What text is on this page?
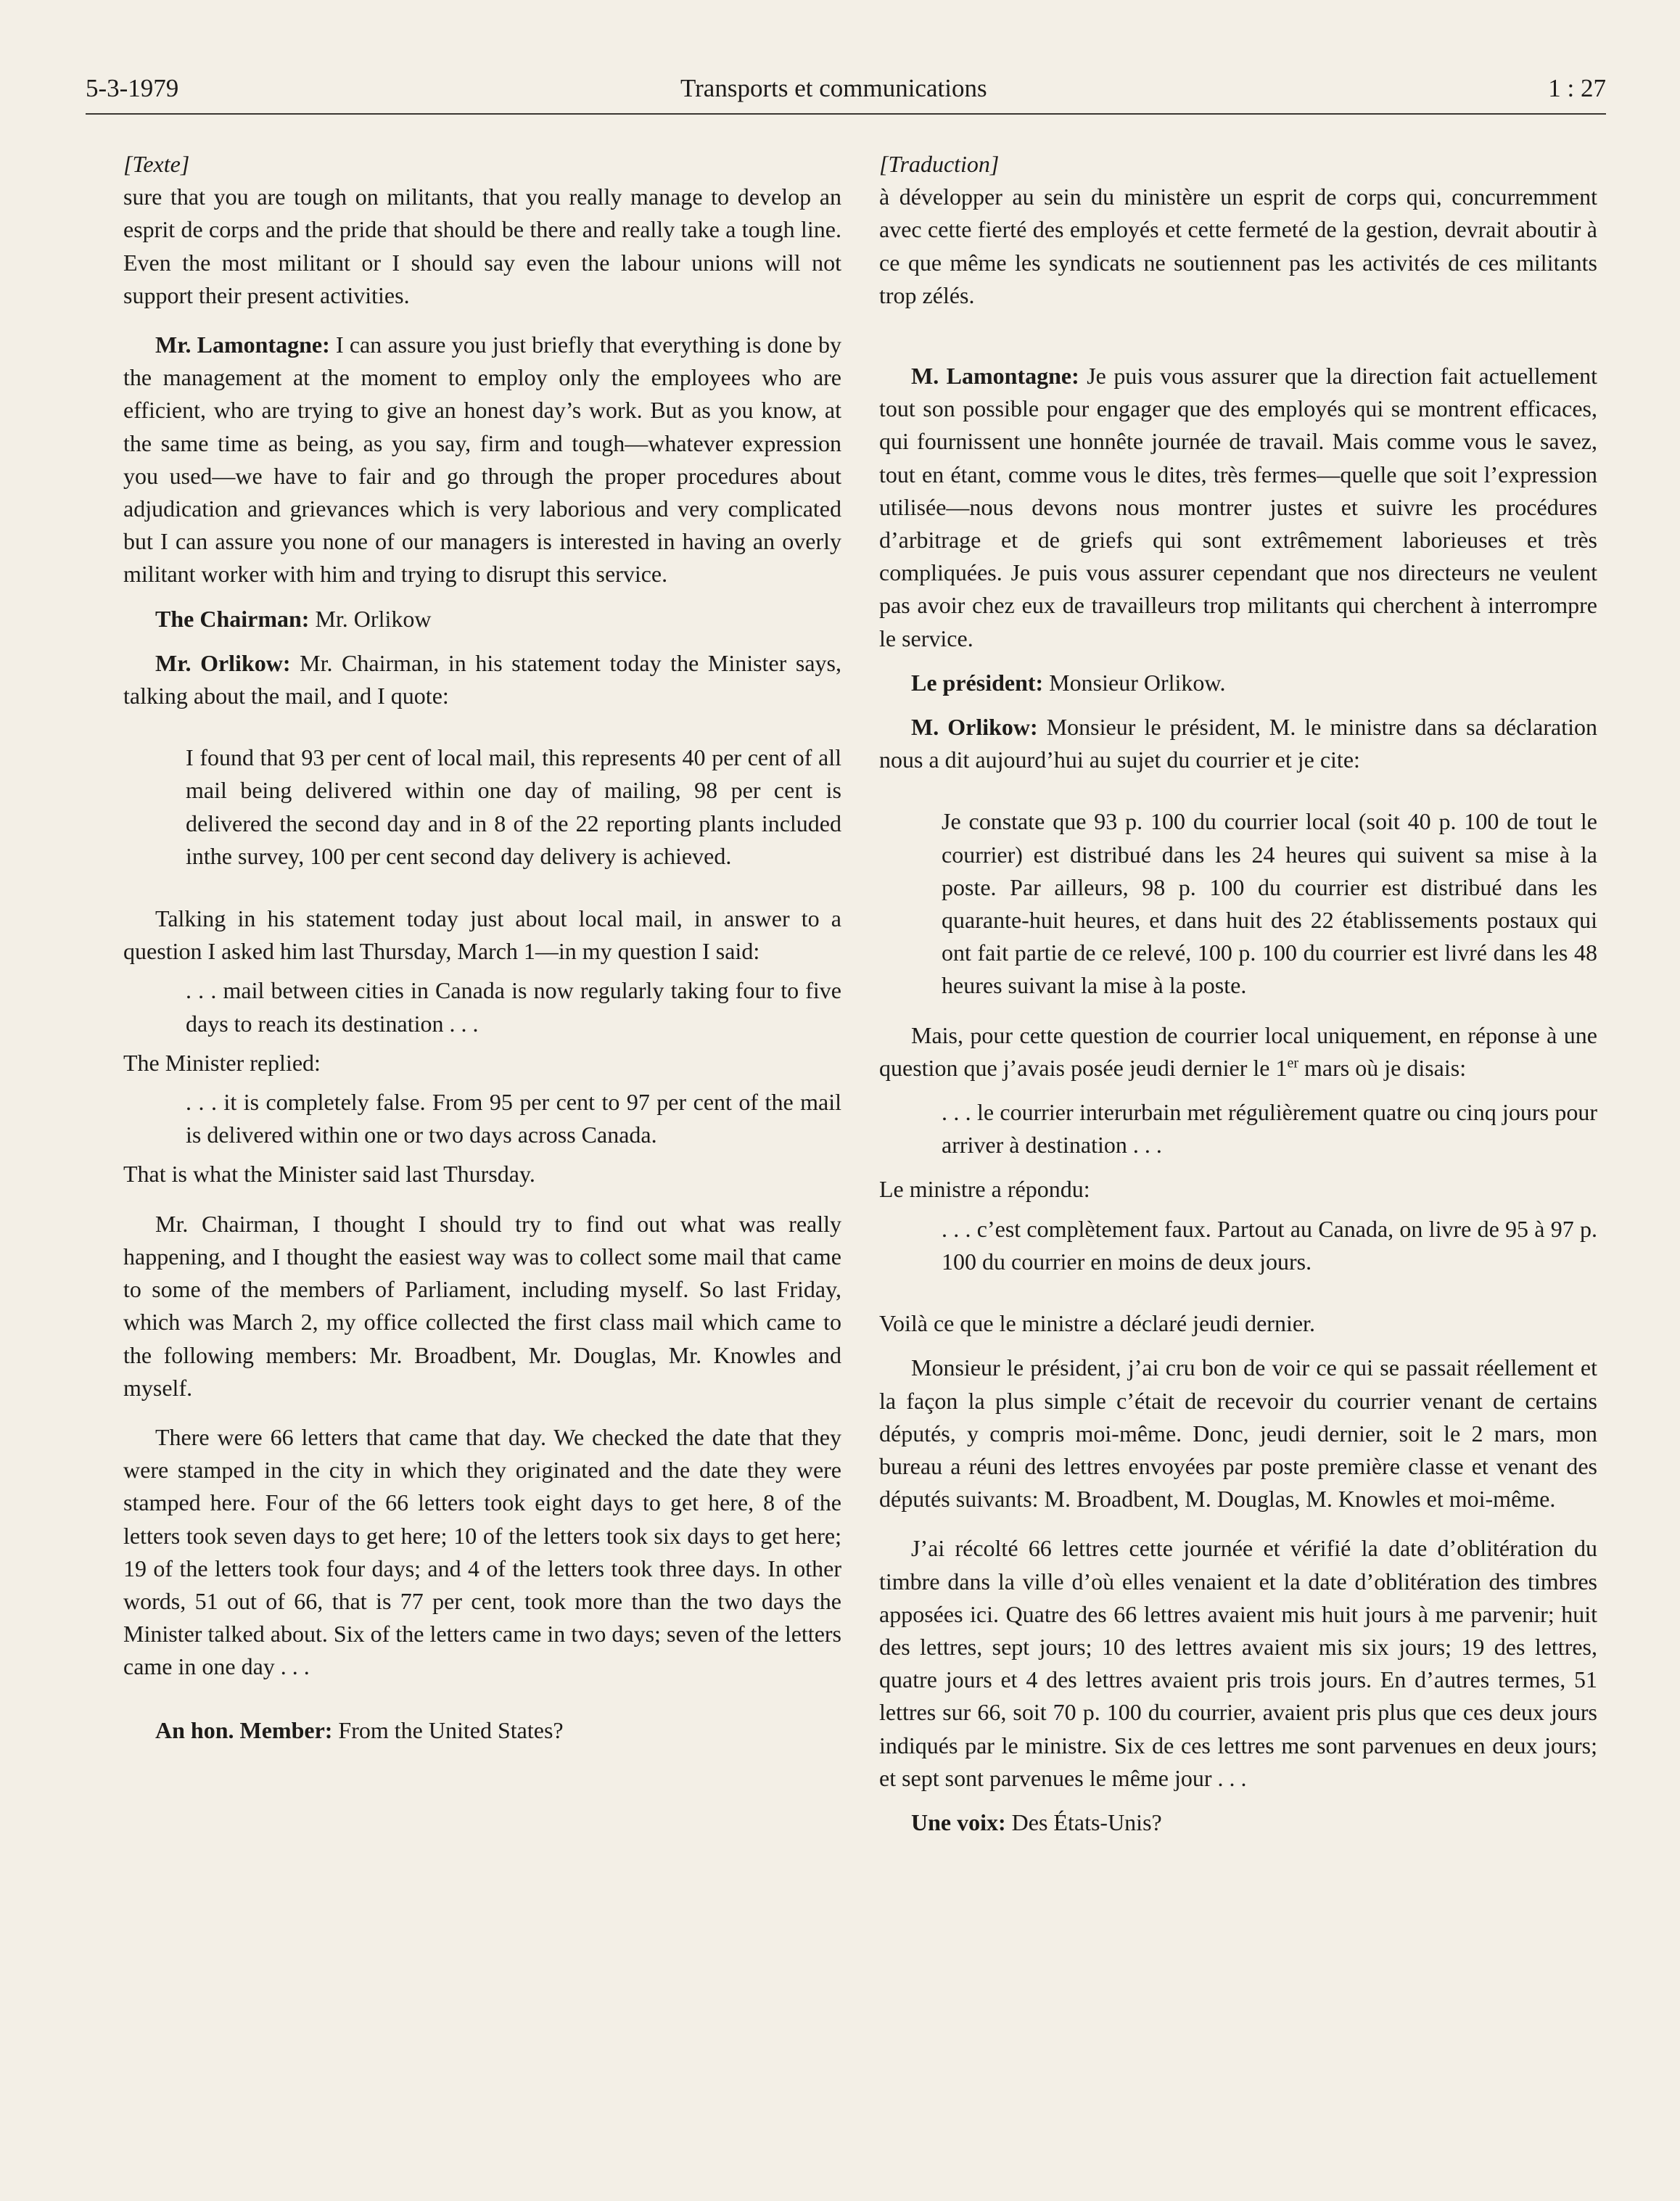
5-3-1979	Transports et communications	1 : 27

[Texte]

sure that you are tough on militants, that you really manage to develop an esprit de corps and the pride that should be there and really take a tough line. Even the most militant or I should say even the labour unions will not support their present activities.

Mr. Lamontagne: I can assure you just briefly that everything is done by the management at the moment to employ only the employees who are efficient, who are trying to give an honest day’s work. But as you know, at the same time as being, as you say, firm and tough—whatever expression you used—we have to fair and go through the proper procedures about adjudication and grievances which is very laborious and very complicated but I can assure you none of our managers is interested in having an overly militant worker with him and trying to disrupt this service.

The Chairman: Mr. Orlikow

Mr. Orlikow: Mr. Chairman, in his statement today the Minister says, talking about the mail, and I quote:

I found that 93 per cent of local mail, this represents 40 per cent of all mail being delivered within one day of mailing, 98 per cent is delivered the second day and in 8 of the 22 reporting plants included inthe survey, 100 per cent second day delivery is achieved.

Talking in his statement today just about local mail, in answer to a question I asked him last Thursday, March 1—in my question I said:

. . . mail between cities in Canada is now regularly taking four to five days to reach its destination . . .

The Minister replied:

. . . it is completely false. From 95 per cent to 97 per cent of the mail is delivered within one or two days across Canada.

That is what the Minister said last Thursday.

Mr. Chairman, I thought I should try to find out what was really happening, and I thought the easiest way was to collect some mail that came to some of the members of Parliament, including myself. So last Friday, which was March 2, my office collected the first class mail which came to the following members: Mr. Broadbent, Mr. Douglas, Mr. Knowles and myself.

There were 66 letters that came that day. We checked the date that they were stamped in the city in which they originated and the date they were stamped here. Four of the 66 letters took eight days to get here, 8 of the letters took seven days to get here; 10 of the letters took six days to get here; 19 of the letters took four days; and 4 of the letters took three days. In other words, 51 out of 66, that is 77 per cent, took more than the two days the Minister talked about. Six of the letters came in two days; seven of the letters came in one day . . .

An hon. Member: From the United States?

[Traduction]

à développer au sein du ministère un esprit de corps qui, concurremment avec cette fierté des employés et cette fermeté de la gestion, devrait aboutir à ce que même les syndicats ne soutiennent pas les activités de ces militants trop zélés.

M. Lamontagne: Je puis vous assurer que la direction fait actuellement tout son possible pour engager que des employés qui se montrent efficaces, qui fournissent une honnête journée de travail. Mais comme vous le savez, tout en étant, comme vous le dites, très fermes—quelle que soit l’expression utilisée—nous devons nous montrer justes et suivre les procédures d’arbitrage et de griefs qui sont extrêmement laborieuses et très compliquées. Je puis vous assurer cependant que nos directeurs ne veulent pas avoir chez eux de travailleurs trop militants qui cherchent à interrompre le service.

Le président: Monsieur Orlikow.

M. Orlikow: Monsieur le président, M. le ministre dans sa déclaration nous a dit aujourd’hui au sujet du courrier et je cite:

Je constate que 93 p. 100 du courrier local (soit 40 p. 100 de tout le courrier) est distribué dans les 24 heures qui suivent sa mise à la poste. Par ailleurs, 98 p. 100 du courrier est distribué dans les quarante-huit heures, et dans huit des 22 établissements postaux qui ont fait partie de ce relevé, 100 p. 100 du courrier est livré dans les 48 heures suivant la mise à la poste.

Mais, pour cette question de courrier local uniquement, en réponse à une question que j’avais posée jeudi dernier le 1er mars où je disais:

. . . le courrier interurbain met régulièrement quatre ou cinq jours pour arriver à destination . . .

Le ministre a répondu:

. . . c’est complètement faux. Partout au Canada, on livre de 95 à 97 p. 100 du courrier en moins de deux jours.

Voilà ce que le ministre a déclaré jeudi dernier.

Monsieur le président, j’ai cru bon de voir ce qui se passait réellement et la façon la plus simple c’était de recevoir du courrier venant de certains députés, y compris moi-même. Donc, jeudi dernier, soit le 2 mars, mon bureau a réuni des lettres envoyées par poste première classe et venant des députés suivants: M. Broadbent, M. Douglas, M. Knowles et moi-même.

J’ai récolté 66 lettres cette journée et vérifié la date d’oblitération du timbre dans la ville d’où elles venaient et la date d’oblitération des timbres apposées ici. Quatre des 66 lettres avaient mis huit jours à me parvenir; huit des lettres, sept jours; 10 des lettres avaient mis six jours; 19 des lettres, quatre jours et 4 des lettres avaient pris trois jours. En d’autres termes, 51 lettres sur 66, soit 70 p. 100 du courrier, avaient pris plus que ces deux jours indiqués par le ministre. Six de ces lettres me sont parvenues en deux jours; et sept sont parvenues le même jour . . .

Une voix: Des États-Unis?
